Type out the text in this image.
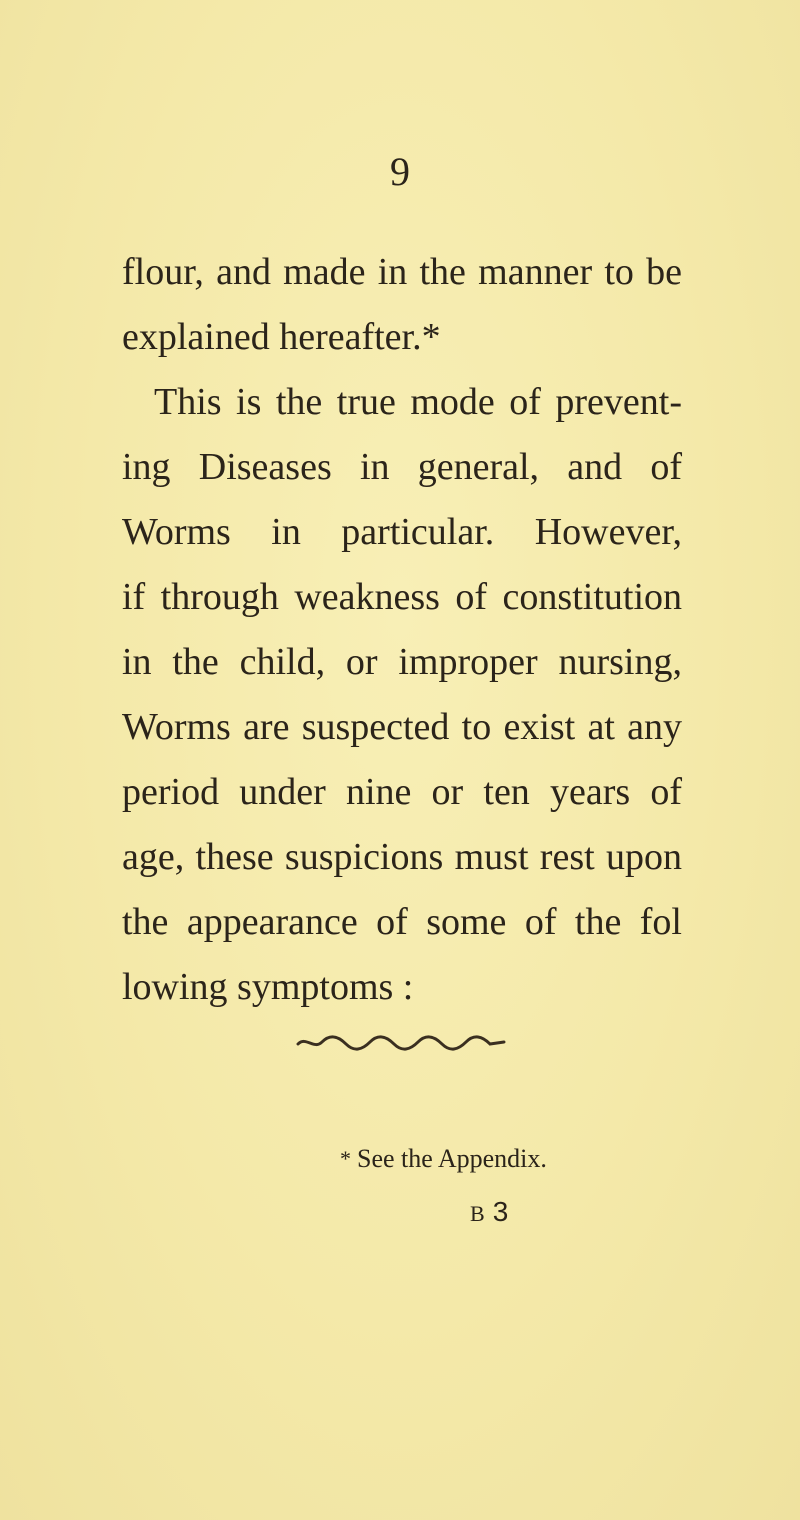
9
flour, and made in the manner to be
explained hereafter.*
This is the true mode of prevent-
ing Diseases in general, and of
Worms in particular. However,
if through weakness of constitution
in the child, or improper nursing,
Worms are suspected to exist at any
period under nine or ten years of
age, these suspicions must rest upon
the appearance of some of the fol
lowing symptoms :
* See the Appendix.
B3
